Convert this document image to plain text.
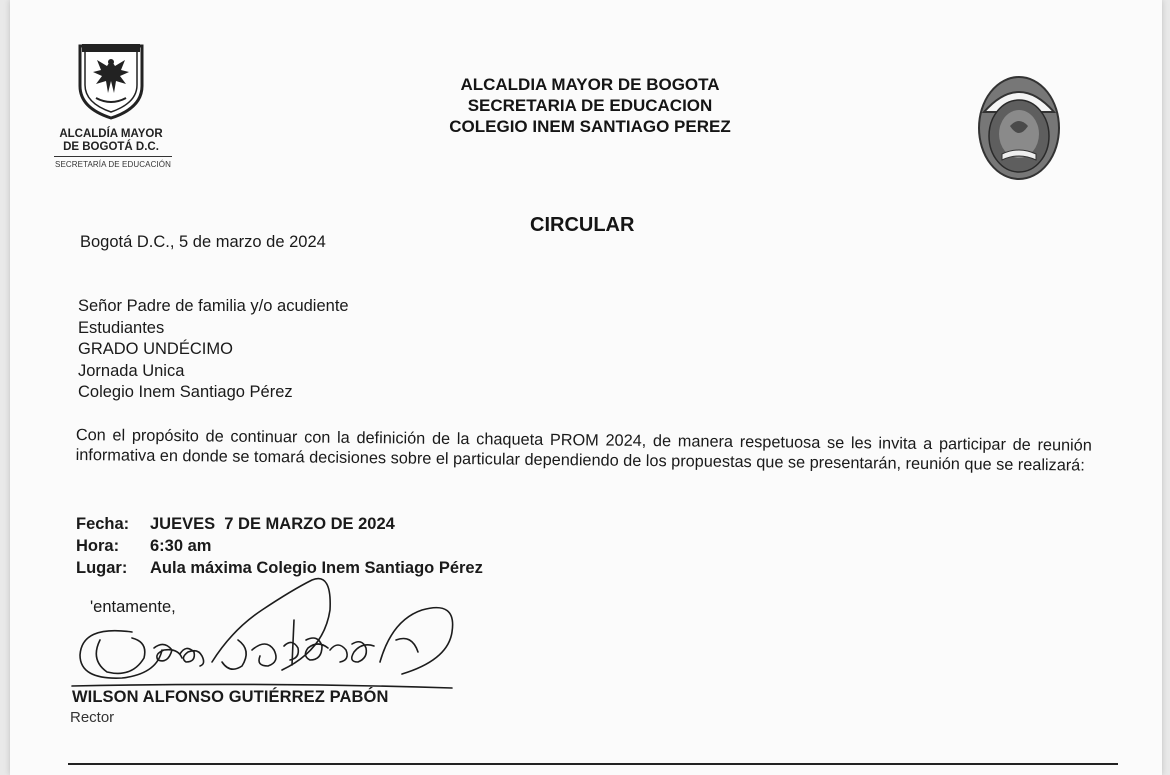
ALCALDÍA MAYOR
DE BOGOTÁ D.C.
SECRETARÍA DE EDUCACIÓN
ALCALDIA MAYOR DE BOGOTA
SECRETARIA DE EDUCACION
COLEGIO INEM SANTIAGO PEREZ
CIRCULAR
Bogotá D.C., 5 de marzo de 2024
Señor Padre de familia y/o acudiente
Estudiantes
GRADO UNDÉCIMO
Jornada Unica
Colegio Inem Santiago Pérez
Con el propósito de continuar con la definición de la chaqueta PROM 2024, de manera respetuosa se les invita a participar de reunión informativa en donde se tomará decisiones sobre el particular dependiendo de los propuestas que se presentarán, reunión que se realizará:
Fecha: JUEVES  7 DE MARZO DE 2024
Hora: 6:30 am
Lugar: Aula máxima Colegio Inem Santiago Pérez
'entamente,
WILSON ALFONSO GUTIÉRREZ PABÓN
Rector
